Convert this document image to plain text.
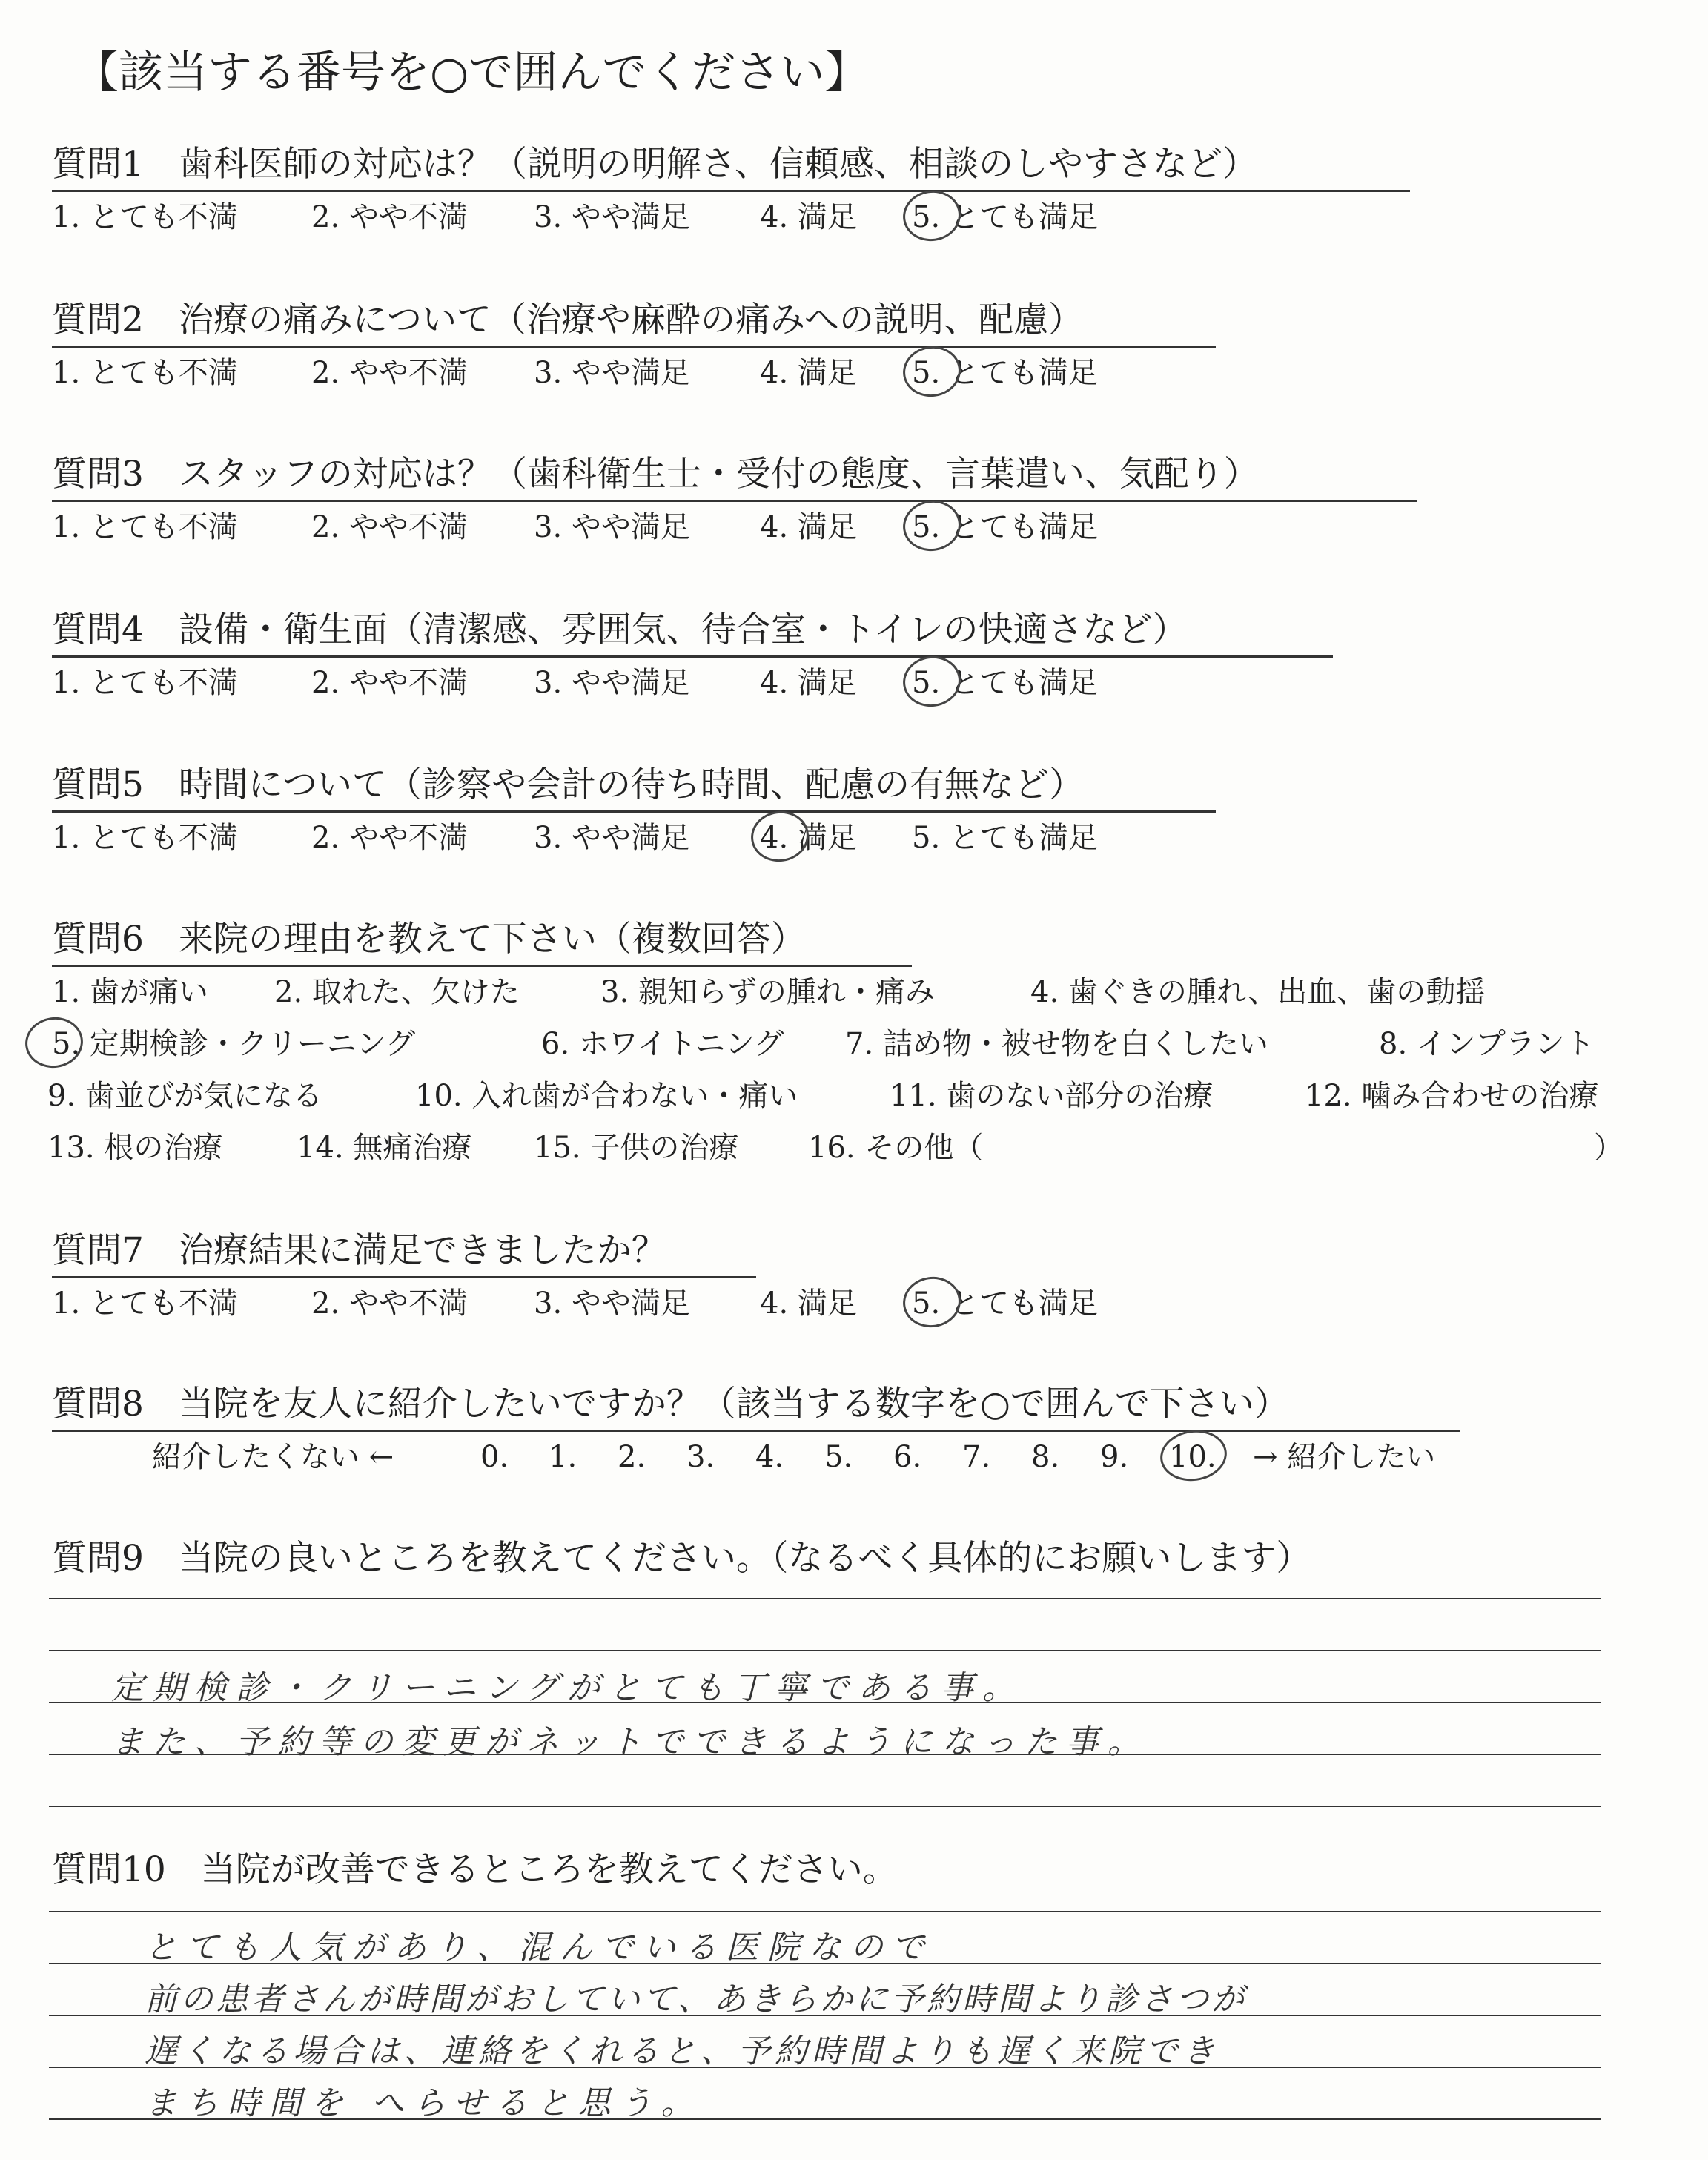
【該当する番号を○で囲んでください】
質問1　歯科医師の対応は？（説明の明解さ、信頼感、相談のしやすさなど）
1. とても不満 2. やや不満 3. やや満足 4. 満足 5. とても満足
質問2　治療の痛みについて（治療や麻酔の痛みへの説明、配慮）
1. とても不満 2. やや不満 3. やや満足 4. 満足 5. とても満足
質問3　スタッフの対応は？（歯科衛生士・受付の態度、言葉遣い、気配り）
1. とても不満 2. やや不満 3. やや満足 4. 満足 5. とても満足
質問4　設備・衛生面（清潔感、雰囲気、待合室・トイレの快適さなど）
1. とても不満 2. やや不満 3. やや満足 4. 満足 5. とても満足
質問5　時間について（診察や会計の待ち時間、配慮の有無など）
1. とても不満 2. やや不満 3. やや満足 4. 満足 5. とても満足
質問6　来院の理由を教えて下さい（複数回答）
1. 歯が痛い 2. 取れた、欠けた	3. 親知らずの腫れ・痛み	4. 歯ぐきの腫れ、出血、歯の動揺
5. 定期検診・クリーニング	6. ホワイトニング 7. 詰め物・被せ物を白くしたい	8. インプラント
9. 歯並びが気になる	10. 入れ歯が合わない・痛い	11. 歯のない部分の治療	12. 噛み合わせの治療
13. 根の治療 14. 無痛治療 15. 子供の治療 16. その他（	）
質問7　治療結果に満足できましたか？
1. とても不満 2. やや不満 3. やや満足 4. 満足 5. とても満足
質問8　当院を友人に紹介したいですか？（該当する数字を○で囲んで下さい）
紹介したくない ←	0. 1. 2. 3. 4. 5. 6. 7. 8. 9. 10. → 紹介したい
質問9　当院の良いところを教えてください。（なるべく具体的にお願いします）
定期検診・クリーニングがとても丁寧である事。
また、予約等の変更がネットでできるようになった事。
質問10　当院が改善できるところを教えてください。
とても人気があり、混んでいる医院なので
前の患者さんが時間がおしていて、あきらかに予約時間より診さつが
遅くなる場合は、連絡をくれると、予約時間よりも遅く来院でき
まち時間を へらせると思う。
